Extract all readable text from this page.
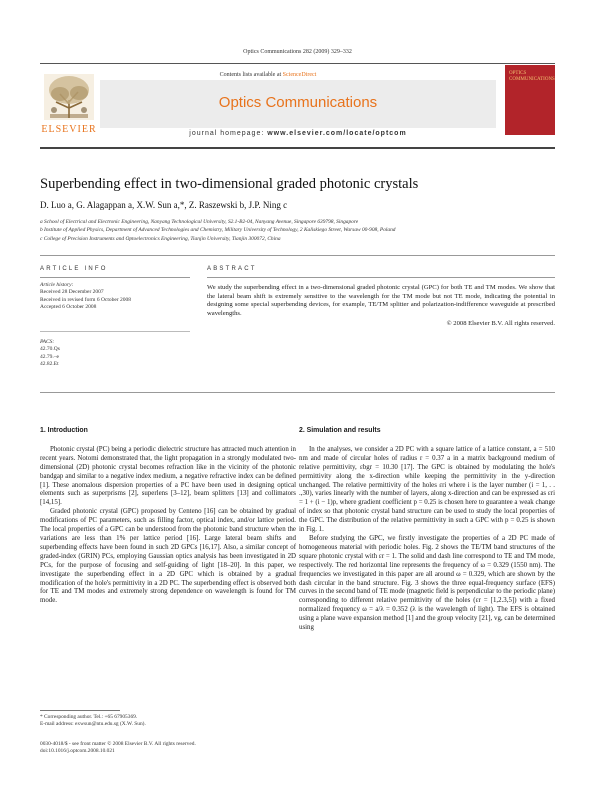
Optics Communications 282 (2009) 329–332
Contents lists available at ScienceDirect
Optics Communications
journal homepage: www.elsevier.com/locate/optcom
ELSEVIER
OPTICS COMMUNICATIONS
Superbending effect in two-dimensional graded photonic crystals
D. Luo a, G. Alagappan a, X.W. Sun a,*, Z. Raszewski b, J.P. Ning c
a School of Electrical and Electronic Engineering, Nanyang Technological University, S2.1-B2-04, Nanyang Avenue, Singapore 639798, Singapore
b Institute of Applied Physics, Department of Advanced Technologies and Chemistry, Military University of Technology, 2 Kaliskiego Street, Warsaw 00-908, Poland
c College of Precision Instruments and Optoelectronics Engineering, Tianjin University, Tianjin 300072, China
ARTICLE INFO
Article history:
Received 28 December 2007
Received in revised form 6 October 2008
Accepted 6 October 2008
PACS:
42.70.Qs
42.79.–e
42.82.Et
ABSTRACT
We study the superbending effect in a two-dimensional graded photonic crystal (GPC) for both TE and TM modes. We show that the lateral beam shift is extremely sensitive to the wavelength for the TM mode but not TE mode, indicating the potential in designing some special superbending devices, for example, TE/TM splitter and polarization-indifference waveguide at prescribed wavelengths.
© 2008 Elsevier B.V. All rights reserved.

1. Introduction

Photonic crystal (PC) being a periodic dielectric structure has attracted much attention in recent years. Notomi demonstrated that, the light propagation in a strongly modulated two-dimensional (2D) photonic crystal becomes refraction like in the vicinity of the photonic bandgap and similar to a negative index medium, a negative refractive index can be defined [1]. These anomalous dispersion properties of a PC have been used in designing optical elements such as superprisms [2], superlens [3–12], beam splitters [13] and collimators [14,15].

Graded photonic crystal (GPC) proposed by Centeno [16] can be obtained by gradual modifications of PC parameters, such as filling factor, optical index, and/or lattice period. The local properties of a GPC can be understood from the photonic band structure when the variations are less than 1% per lattice period [16]. Large lateral beam shifts and superbending effects have been found in such 2D GPCs [16,17]. Also, a similar concept of graded-index (GRIN) PCs, employing Gaussian optics analysis has been investigated in 2D PCs, for the purpose of focusing and self-guiding of light [18–20]. In this paper, we investigate the superbending effect in a 2D GPC which is obtained by a gradual modification of the hole's permittivity in a 2D PC. The superbending effect is observed both for TE and TM modes and extremely strong dependence on wavelength is found for TM mode.

2. Simulation and results

In the analyses, we consider a 2D PC with a square lattice of a lattice constant, a = 510 nm and made of circular holes of radius r = 0.37 a in a matrix background medium of relative permittivity, εbgr = 10.30 [17]. The GPC is obtained by modulating the hole's permittivity along the x-direction while keeping the permittivity in the y-direction unchanged. The relative permittivity of the holes εri where i is the layer number (i = 1, . . .,30), varies linearly with the number of layers, along x-direction and can be expressed as εri = 1 + (i − 1)p, where gradient coefficient p = 0.25 is chosen here to guarantee a weak change of index so that photonic crystal band structure can be used to study the local properties of the GPC. The distribution of the relative permittivity in such a GPC with p = 0.25 is shown in Fig. 1.

Before studying the GPC, we firstly investigate the properties of a 2D PC made of homogeneous material with periodic holes. Fig. 2 shows the TE/TM band structures of the square photonic crystal with εr = 1. The solid and dash line correspond to TE and TM mode, respectively. The red horizontal line represents the frequency of ω = 0.329 (1550 nm). The frequencies we investigated in this paper are all around ω = 0.329, which are shown by the dash circular in the band structure. Fig. 3 shows the three equal-frequency surface (EFS) curves in the second band of TE mode (magnetic field is perpendicular to the periodic plane) corresponding to different relative permittivity of the holes (εr = [1,2.3,5]) with a fixed normalized frequency ω = a/λ = 0.352 (λ is the wavelength of light). The EFS is obtained using a plane wave expansion method [1] and the group velocity [21], vg, can be determined using

* Corresponding author. Tel.: +65 67905369.
E-mail address: exwsun@ntu.edu.sg (X.W. Sun).
0030-4018/$ - see front matter © 2008 Elsevier B.V. All rights reserved.
doi:10.1016/j.optcom.2008.10.021
